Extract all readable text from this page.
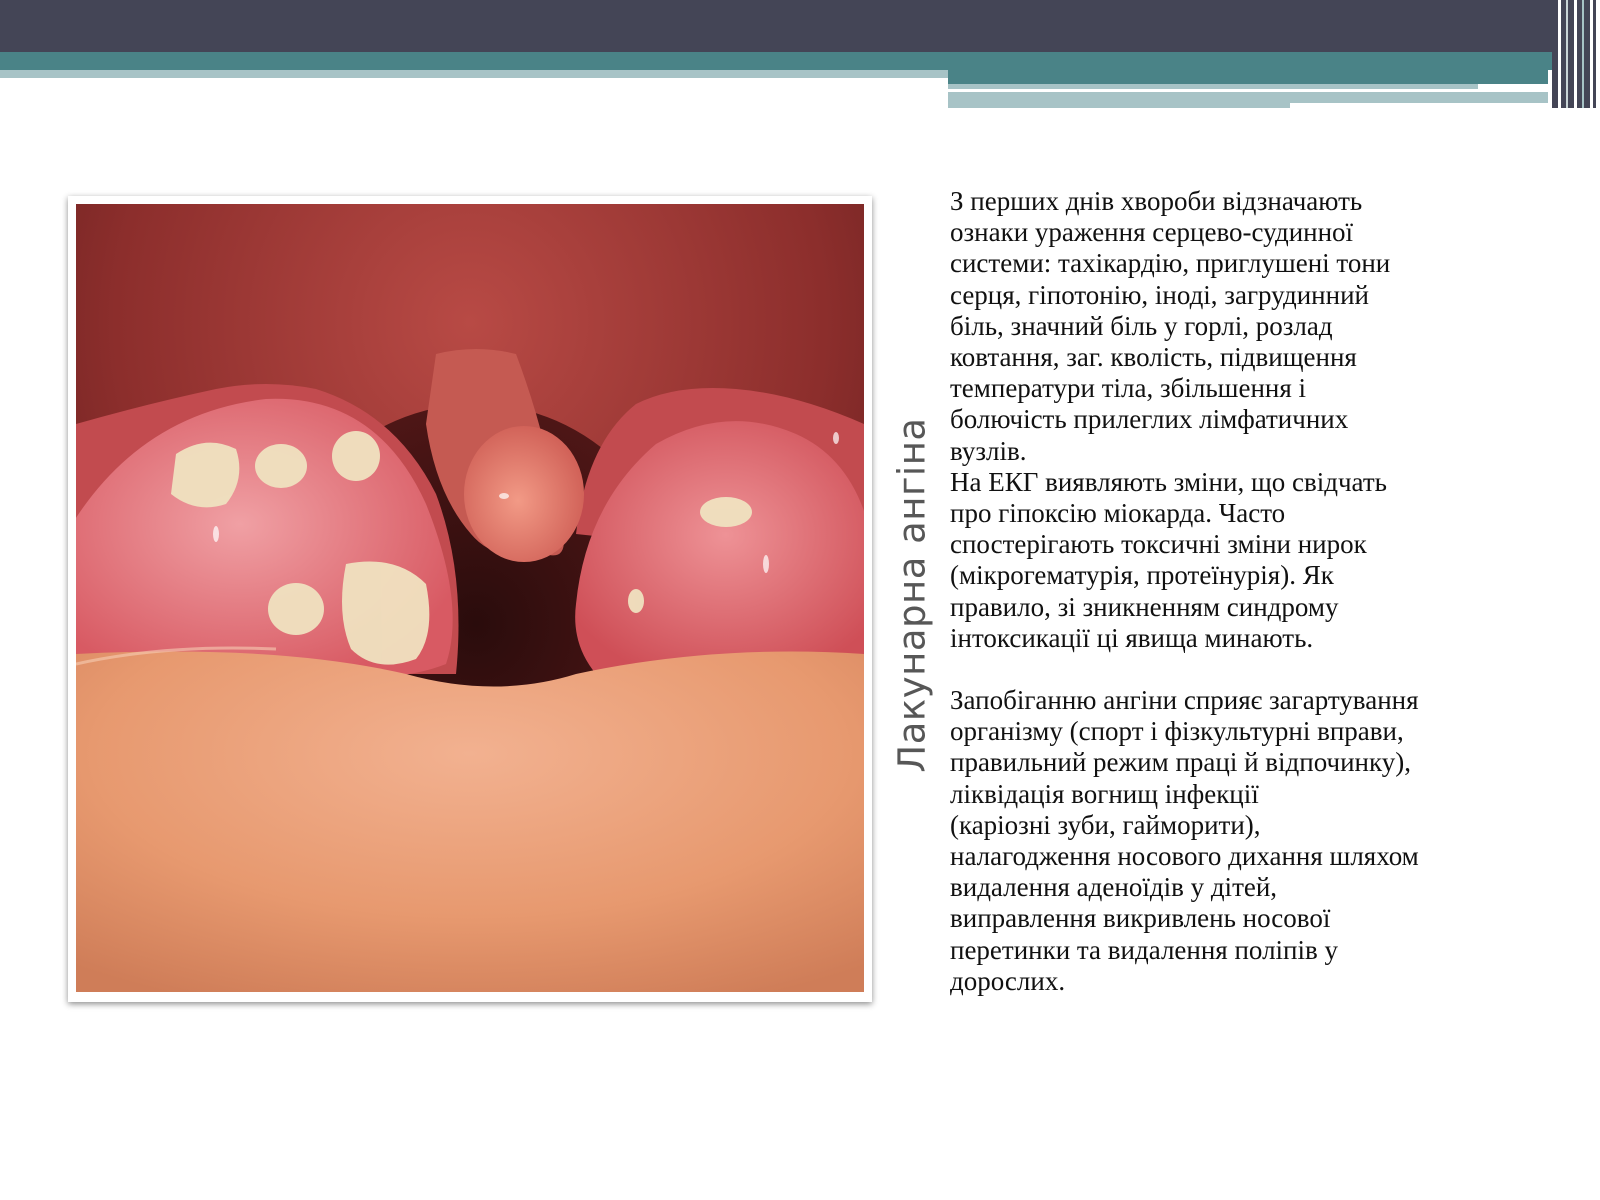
Лакунарна ангіна
З перших днів хвороби відзначають
ознаки ураження серцево-судинної
системи: тахікардію, приглушені тони
серця, гіпотонію, іноді, загрудинний
біль, значний біль у горлі, розлад
ковтання, заг. кволість, підвищення
температури тіла, збільшення і
болючість прилеглих лімфатичних
вузлів.
На ЕКГ виявляють зміни, що свідчать
про гіпоксію міокарда. Часто
спостерігають токсичні зміни нирок
(мікрогематурія, протеїнурія). Як
правило, зі зникненням синдрому
інтоксикації ці явища минають.
Запобіганню ангіни сприяє загартування
організму (спорт і фізкультурні вправи,
правильний режим праці й відпочинку),
ліквідація вогнищ інфекції
(каріозні зуби, гайморити),
налагодження носового дихання шляхом
видалення аденоїдів у дітей,
виправлення викривлень носової
перетинки та видалення поліпів у
дорослих.
